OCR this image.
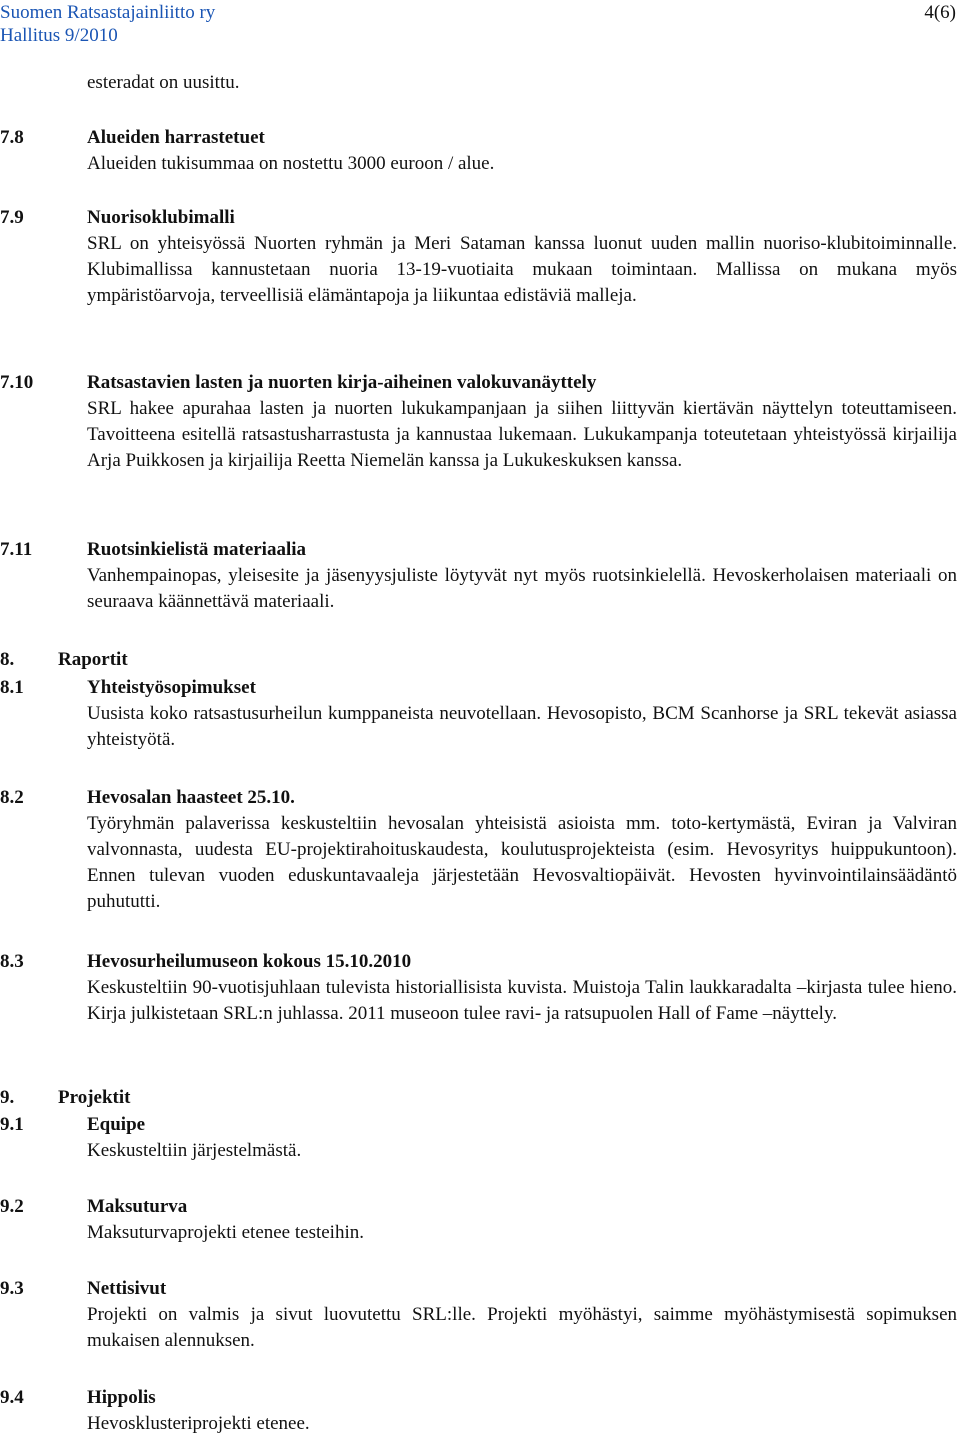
Suomen Ratsastajainliitto ry
Hallitus 9/2010
4(6)
esteradat on uusittu.
7.8	Alueiden harrastetuet
Alueiden tukisummaa on nostettu 3000 euroon / alue.
7.9	Nuorisoklubimalli
SRL on yhteisyössä Nuorten ryhmän ja Meri Sataman kanssa luonut uuden mallin nuoriso-klubitoiminnalle. Klubimallissa kannustetaan nuoria 13-19-vuotiaita mukaan toimintaan. Mallissa on mukana myös ympäristöarvoja, terveellisiä elämäntapoja ja liikuntaa edistäviä malleja.
7.10	Ratsastavien lasten ja nuorten kirja-aiheinen valokuvanäyttely
SRL hakee apurahaa lasten ja nuorten lukukampanjaan ja siihen liittyvän kiertävän näyttelyn toteuttamiseen. Tavoitteena esitellä ratsastusharrastusta ja kannustaa lukemaan. Lukukampanja toteutetaan yhteistyössä kirjailija Arja Puikkosen ja kirjailija Reetta Niemelän kanssa ja Lukukeskuksen kanssa.
7.11	Ruotsinkielistä materiaalia
Vanhempainopas, yleisesite ja jäsenyysjuliste löytyvät nyt myös ruotsinkielellä. Hevoskerholaisen materiaali on seuraava käännettävä materiaali.
8. Raportit
8.1	Yhteistyösopimukset
Uusista koko ratsastusurheilun kumppaneista neuvotellaan. Hevosopisto, BCM Scanhorse ja SRL tekevät asiassa yhteistyötä.
8.2	Hevosalan haasteet 25.10.
Työryhmän palaverissa keskusteltiin hevosalan yhteisistä asioista mm. toto-kertymästä, Eviran ja Valviran valvonnasta, uudesta EU-projektirahoituskaudesta, koulutusprojekteista (esim. Hevosyritys huippukuntoon). Ennen tulevan vuoden eduskuntavaaleja järjestetään Hevosvaltiopäivät. Hevosten hyvinvointilainsäädäntö puhututti.
8.3	Hevosurheilumuseon kokous 15.10.2010
Keskusteltiin 90-vuotisjuhlaan tulevista historiallisista kuvista. Muistoja Talin laukkaradalta –kirjasta tulee hieno. Kirja julkistetaan SRL:n juhlassa. 2011 museoon tulee ravi- ja ratsupuolen Hall of Fame –näyttely.
9. Projektit
9.1	Equipe
Keskusteltiin järjestelmästä.
9.2	Maksuturva
Maksuturvaprojekti etenee testeihin.
9.3	Nettisivut
Projekti on valmis ja sivut luovutettu SRL:lle. Projekti myöhästyi, saimme myöhästymisestä sopimuksen mukaisen alennuksen.
9.4	Hippolis
Hevosklusteriprojekti etenee.
